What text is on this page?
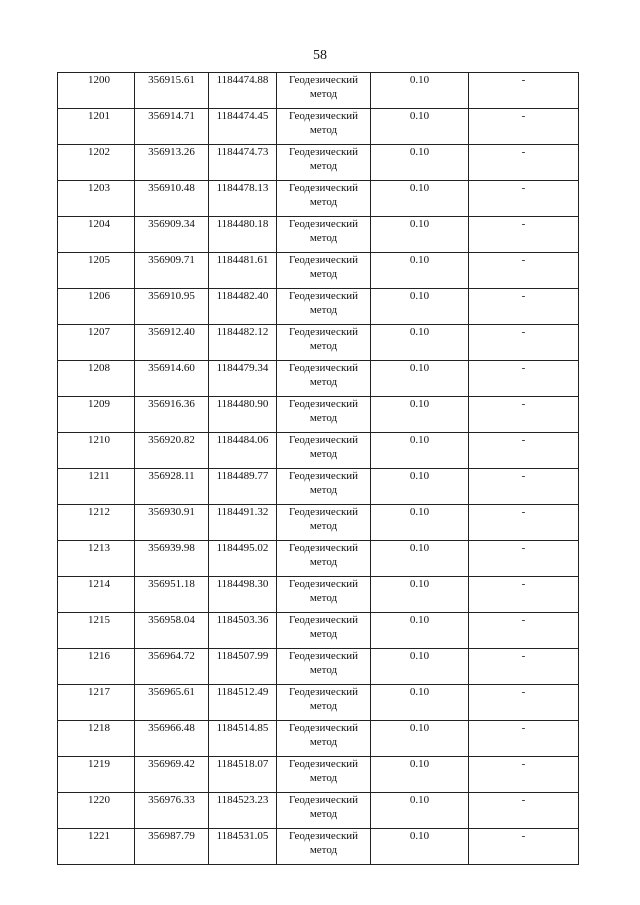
58
1200	356915.61	1184474.88	Геодезический
метод	0.10	-
1201	356914.71	1184474.45	Геодезический
метод	0.10	-
1202	356913.26	1184474.73	Геодезический
метод	0.10	-
1203	356910.48	1184478.13	Геодезический
метод	0.10	-
1204	356909.34	1184480.18	Геодезический
метод	0.10	-
1205	356909.71	1184481.61	Геодезический
метод	0.10	-
1206	356910.95	1184482.40	Геодезический
метод	0.10	-
1207	356912.40	1184482.12	Геодезический
метод	0.10	-
1208	356914.60	1184479.34	Геодезический
метод	0.10	-
1209	356916.36	1184480.90	Геодезический
метод	0.10	-
1210	356920.82	1184484.06	Геодезический
метод	0.10	-
1211	356928.11	1184489.77	Геодезический
метод	0.10	-
1212	356930.91	1184491.32	Геодезический
метод	0.10	-
1213	356939.98	1184495.02	Геодезический
метод	0.10	-
1214	356951.18	1184498.30	Геодезический
метод	0.10	-
1215	356958.04	1184503.36	Геодезический
метод	0.10	-
1216	356964.72	1184507.99	Геодезический
метод	0.10	-
1217	356965.61	1184512.49	Геодезический
метод	0.10	-
1218	356966.48	1184514.85	Геодезический
метод	0.10	-
1219	356969.42	1184518.07	Геодезический
метод	0.10	-
1220	356976.33	1184523.23	Геодезический
метод	0.10	-
1221	356987.79	1184531.05	Геодезический
метод	0.10	-
